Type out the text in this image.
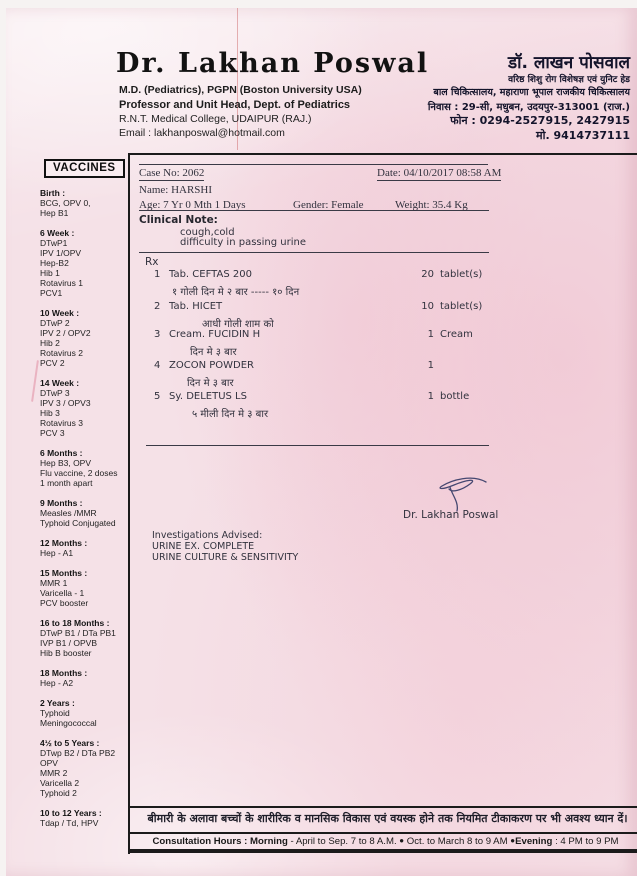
Dr. Lakhan Poswal
M.D. (Pediatrics), PGPN (Boston University USA)
Professor and Unit Head, Dept. of Pediatrics
R.N.T. Medical College, UDAIPUR (RAJ.)
Email : lakhanposwal@hotmail.com
डॉ. लाखन पोसवाल
वरिष्ठ शिशु रोग विशेषज्ञ एवं युनिट हेड
बाल चिकित्सालय, महाराणा भूपाल राजकीय चिकित्सालय
निवास : 29-सी, मधुबन, उदयपुर-313001 (राज.)
फोन : 0294-2527915, 2427915
मो. 9414737111
VACCINES
Birth :
BCG, OPV 0,
Hep B1
6 Week :
DTwP1
IPV 1/OPV
Hep-B2
Hib 1
Rotavirus 1
PCV1
10 Week :
DTwP 2
IPV 2 / OPV2
Hib 2
Rotavirus 2
PCV 2
14 Week :
DTwP 3
IPV 3 / OPV3
Hib 3
Rotavirus 3
PCV 3
6 Months :
Hep B3, OPV
Flu vaccine, 2 doses
1 month apart
9 Months :
Measles /MMR
Typhoid Conjugated
12 Months :
Hep - A1
15 Months :
MMR 1
Varicella - 1
PCV booster
16 to 18 Months :
DTwP B1 / DTa PB1
IVP B1 / OPVB
Hib B booster
18 Months :
Hep - A2
2 Years :
Typhoid
Meningococcal
4½ to 5 Years :
DTwp B2 / DTa PB2
OPV
MMR 2
Varicella 2
Typhoid 2
10 to 12 Years :
Tdap / Td, HPV
Case No: 2062	Date: 04/10/2017 08:58 AM
Name: HARSHI
Age: 7 Yr 0 Mth 1 Days	Gender: Female	Weight: 35.4 Kg
Clinical Note:
cough,cold
difficulty in passing urine
Rx
1 Tab. CEFTAS 200	20 tablet(s)
१ गोली दिन मे २ बार ----- १० दिन
2 Tab. HICET	10 tablet(s)
आधी गोली शाम को
3 Cream. FUCIDIN H	1 Cream
दिन मे ३ बार
4 ZOCON POWDER	1
दिन मे ३ बार
5 Sy. DELETUS LS	1 bottle
५ मीली दिन मे ३ बार
Dr. Lakhan Poswal
Investigations Advised:
URINE EX. COMPLETE
URINE CULTURE & SENSITIVITY
बीमारी के अलावा बच्चों के शारीरिक व मानसिक विकास एवं वयस्क होने तक नियमित टीकाकरण पर भी अवश्य ध्यान दें।
Consultation Hours : Morning - April to Sep. 7 to 8 A.M. ● Oct. to March 8 to 9 AM ●Evening : 4 PM to 9 PM
